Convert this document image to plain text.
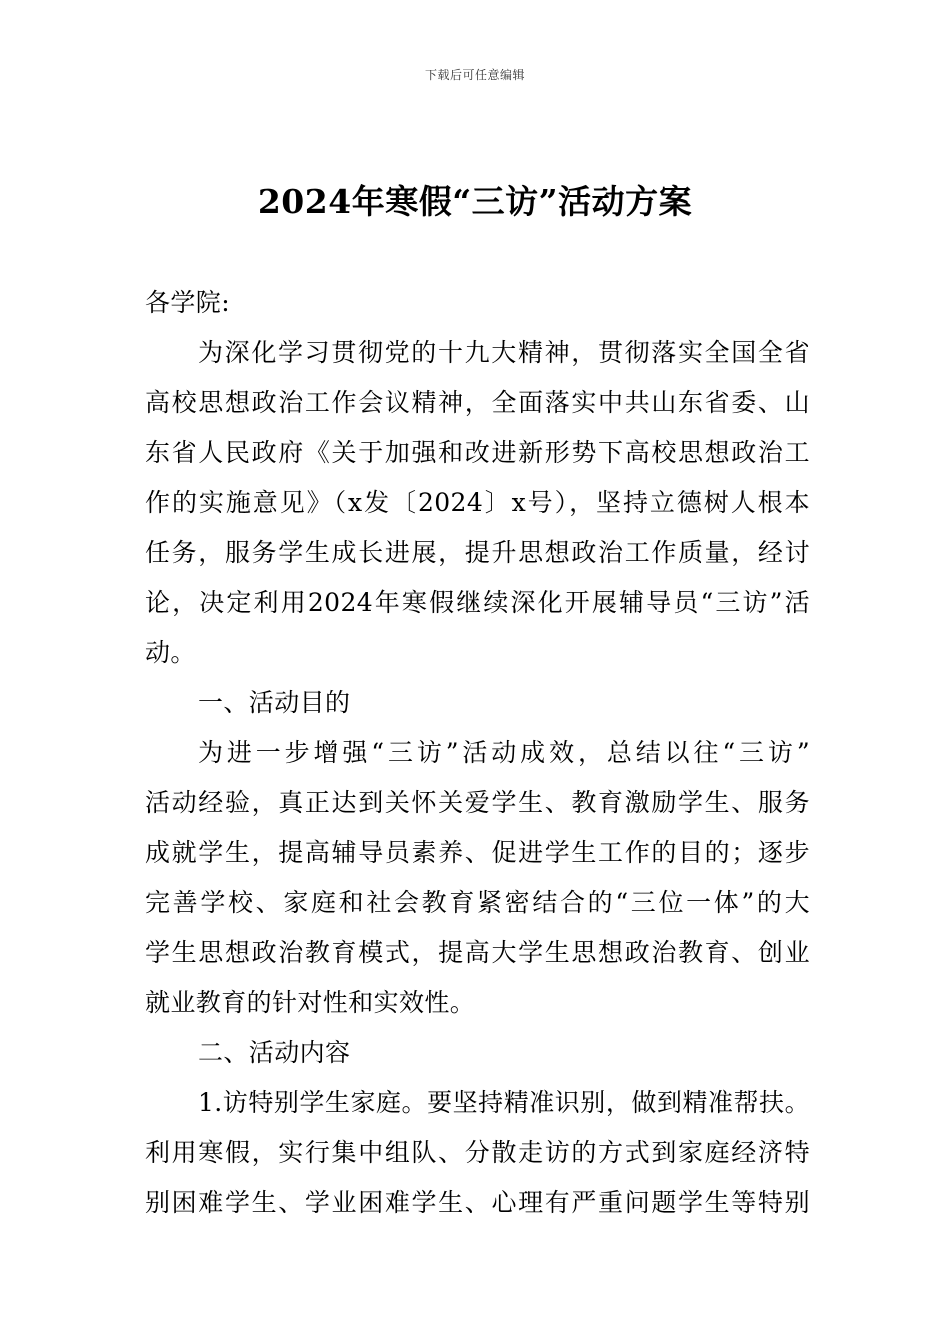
下载后可任意编辑
2024年寒假“三访”活动方案
各学院:
为深化学习贯彻党的十九大精神，贯彻落实全国全省
高校思想政治工作会议精神，全面落实中共山东省委、山
东省人民政府《关于加强和改进新形势下高校思想政治工
作的实施意见》（x发〔2024〕x号），坚持立德树人根本
任务，服务学生成长进展，提升思想政治工作质量，经讨
论，决定利用2024年寒假继续深化开展辅导员“三访”活
动。
一、活动目的
为进一步增强“三访”活动成效，总结以往“三访”
活动经验，真正达到关怀关爱学生、教育激励学生、服务
成就学生，提高辅导员素养、促进学生工作的目的；逐步
完善学校、家庭和社会教育紧密结合的“三位一体”的大
学生思想政治教育模式，提高大学生思想政治教育、创业
就业教育的针对性和实效性。
二、活动内容
1.访特别学生家庭。要坚持精准识别，做到精准帮扶。
利用寒假，实行集中组队、分散走访的方式到家庭经济特
别困难学生、学业困难学生、心理有严重问题学生等特别
